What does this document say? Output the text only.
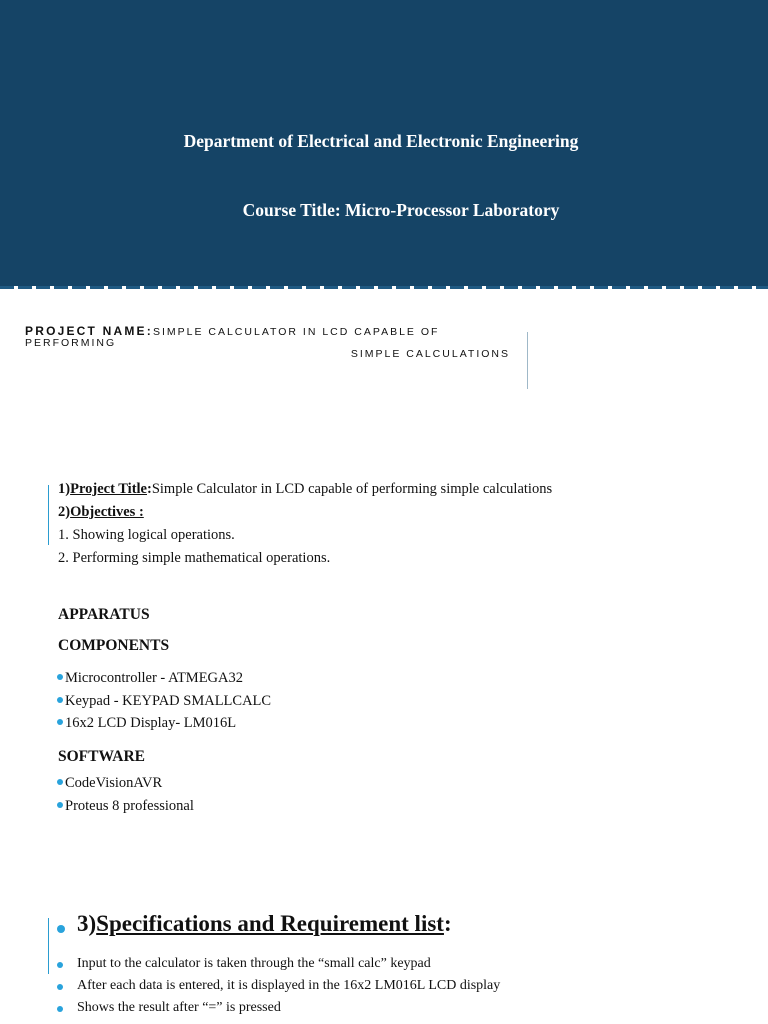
Department of Electrical and Electronic Engineering
Course Title: Micro-Processor Laboratory
PROJECT NAME:SIMPLE CALCULATOR IN LCD CAPABLE OF PERFORMING
SIMPLE CALCULATIONS
1)Project Title:Simple Calculator in LCD capable of performing simple calculations
2)Objectives :
1. Showing logical operations.
2. Performing simple mathematical operations.
APPARATUS
COMPONENTS
Microcontroller - ATMEGA32
Keypad - KEYPAD SMALLCALC
16x2 LCD Display- LM016L
SOFTWARE
CodeVisionAVR
Proteus 8 professional
3)Specifications and Requirement list:
Input to the calculator is taken through the “small calc” keypad
After each data is entered, it is displayed in the 16x2 LM016L LCD display
Shows the result after “=” is pressed
